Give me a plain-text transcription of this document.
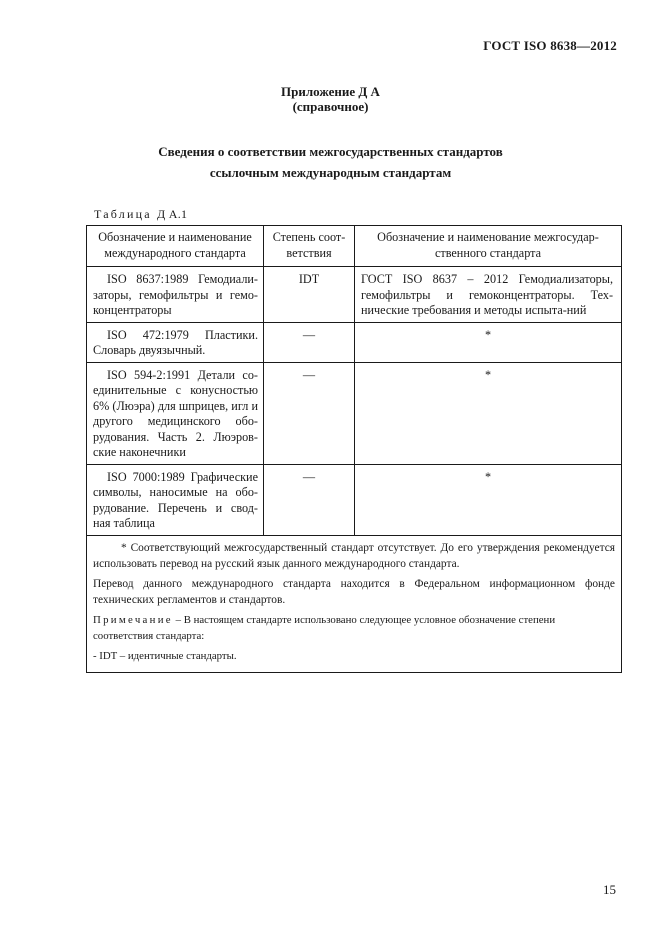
ГОСТ ISO 8638—2012
Приложение Д А
(справочное)
Сведения о соответствии межгосударственных стандартов
ссылочным международным стандартам
Таблица Д А.1
Обозначение и наименование международного стандарта	Степень соот-ветствия	Обозначение и наименование межгосудар-ственного стандарта

ISO 8637:1989 Гемодиали-заторы, гемофильтры и гемо-концентраторы	IDT	ГОСТ ISO 8637 – 2012 Гемодиализаторы, гемофильтры и гемоконцентраторы. Тех-нические требования и методы испыта-ний

ISO 472:1979 Пластики. Словарь двуязычный.	—	*

ISO 594-2:1991 Детали со-единительные с конусностью 6% (Люэра) для шприцев, игл и другого медицинского обо-рудования. Часть 2. Люэров-ские наконечники	—	*

ISO 7000:1989 Графические символы, наносимые на обо-рудование. Перечень и свод-ная таблица	—	*

* Соответствующий межгосударственный стандарт отсутствует. До его утверждения рекомендуется использовать перевод на русский язык данного международного стандарта.

Перевод данного международного стандарта находится в Федеральном информационном фонде технических регламентов и стандартов.

Примечание – В настоящем стандарте использовано следующее условное обозначение степени соответствия стандарта:

- IDT – идентичные стандарты.		

15
